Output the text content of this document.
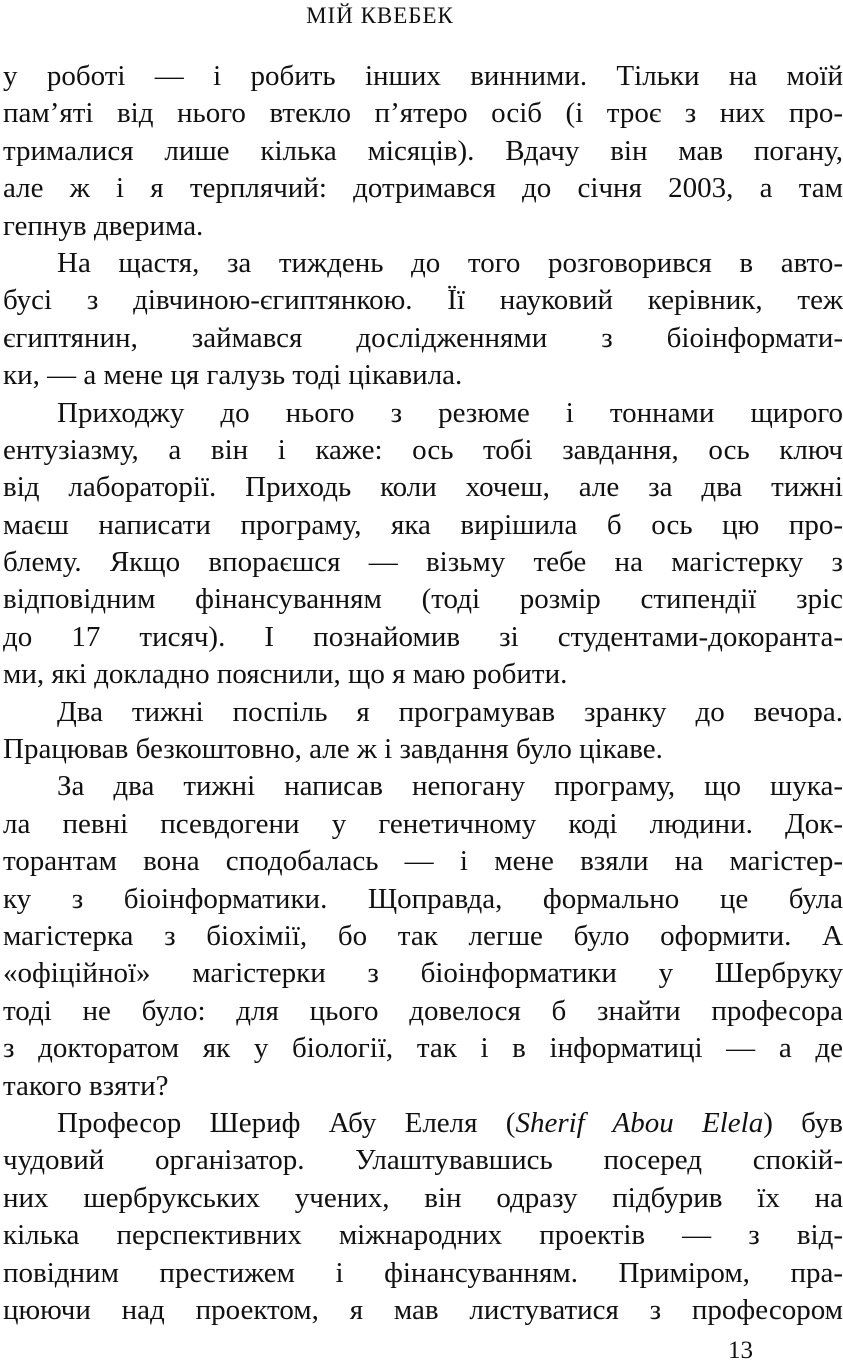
МІЙ КВЕБЕК
у роботі — і робить інших винними. Тільки на моїй
пам’яті від нього втекло п’ятеро осіб (і троє з них про-
трималися лише кілька місяців). Вдачу він мав погану,
але ж і я терплячий: дотримався до січня 2003, а там
гепнув дверима.
На щастя, за тиждень до того розговорився в авто-
бусі з дівчиною-єгиптянкою. Її науковий керівник, теж
єгиптянин, займався дослідженнями з біоінформати-
ки, — а мене ця галузь тоді цікавила.
Приходжу до нього з резюме і тоннами щирого
ентузіазму, а він і каже: ось тобі завдання, ось ключ
від лабораторії. Приходь коли хочеш, але за два тижні
маєш написати програму, яка вирішила б ось цю про-
блему. Якщо впораєшся — візьму тебе на магістерку з
відповідним фінансуванням (тоді розмір стипендії зріс
до 17 тисяч). І познайомив зі студентами-докоранта-
ми, які докладно пояснили, що я маю робити.
Два тижні поспіль я програмував зранку до вечора.
Працював безкоштовно, але ж і завдання було цікаве.
За два тижні написав непогану програму, що шука-
ла певні псевдогени у генетичному коді людини. Док-
торантам вона сподобалась — і мене взяли на магістер-
ку з біоінформатики. Щоправда, формально це була
магістерка з біохімії, бо так легше було оформити. А
«офіційної» магістерки з біоінформатики у Шербруку
тоді не було: для цього довелося б знайти професора
з докторатом як у біології, так і в інформатиці — а де
такого взяти?
Професор Шериф Абу Елеля (Sherif Abou Elela) був
чудовий організатор. Улаштувавшись посеред спокій-
них шербрукських учених, він одразу підбурив їх на
кілька перспективних міжнародних проектів — з від-
повідним престижем і фінансуванням. Приміром, пра-
цюючи над проектом, я мав листуватися з професором
13
